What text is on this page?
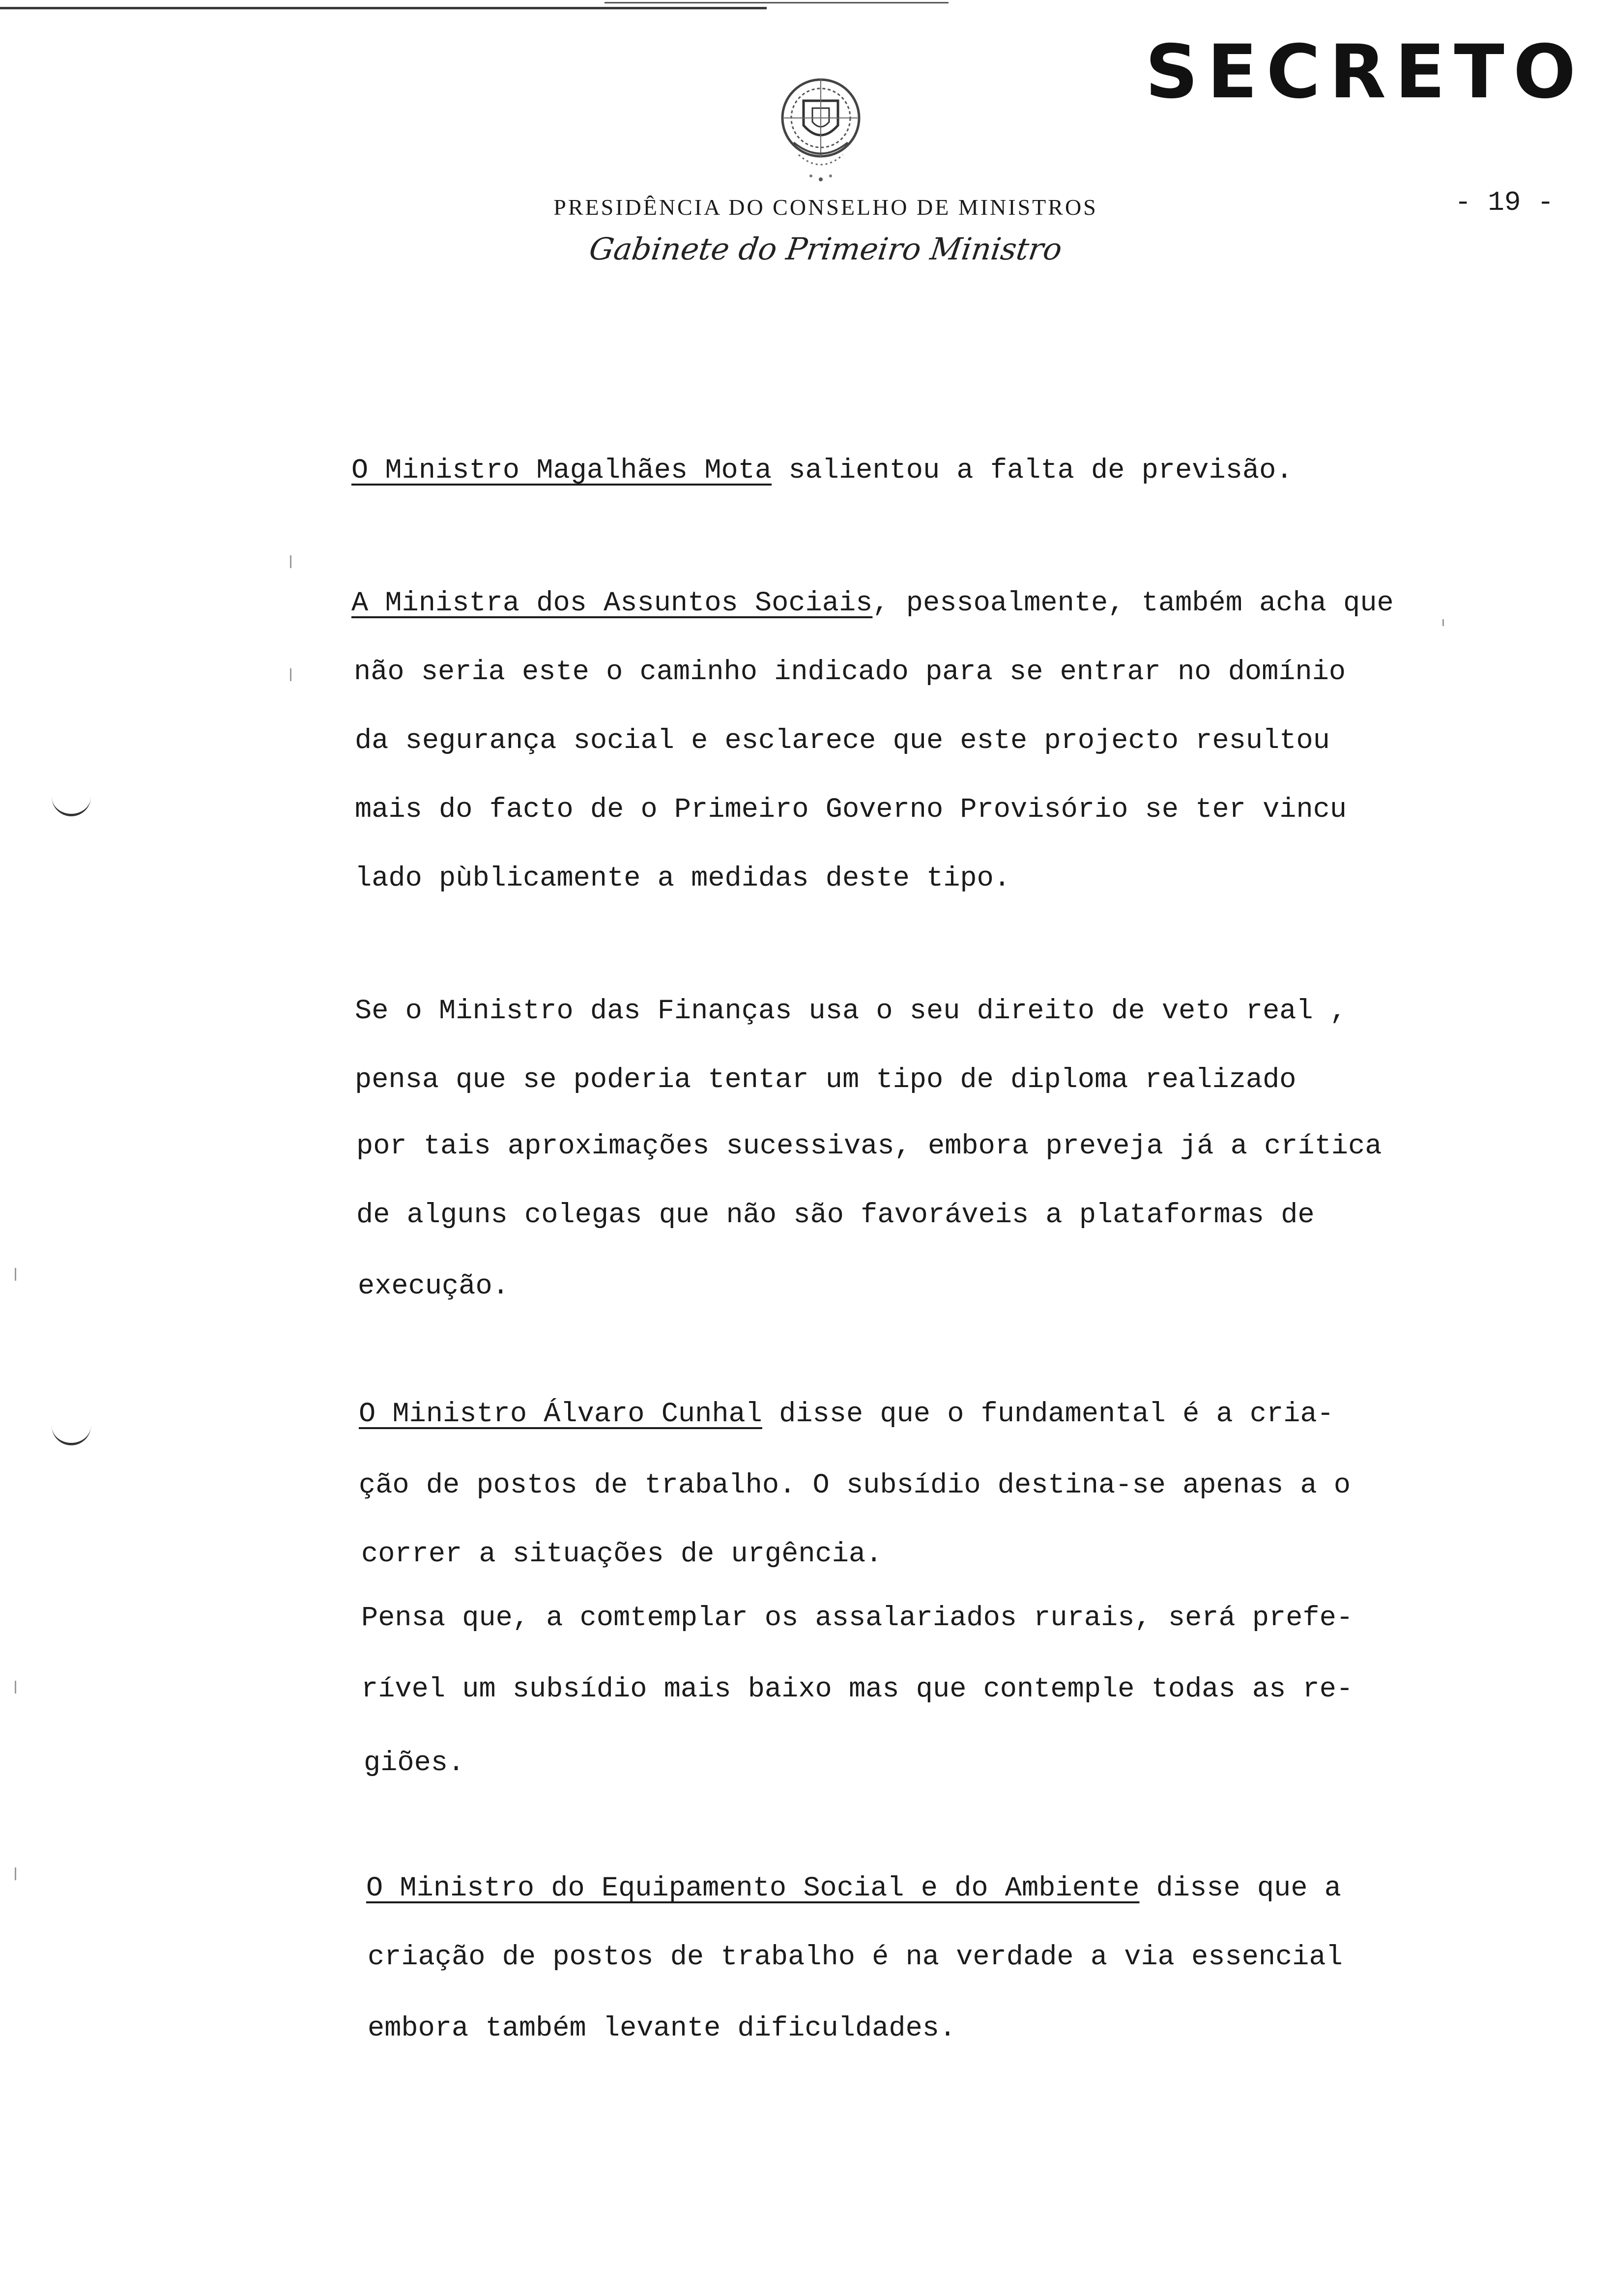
SECRETO
PRESIDÊNCIA DO CONSELHO DE MINISTROS
Gabinete do Primeiro Ministro
- 19 -
O Ministro Magalhães Mota salientou a falta de previsão.
A Ministra dos Assuntos Sociais, pessoalmente, também acha que
não seria este o caminho indicado para se entrar no domínio
da segurança social e esclarece que este projecto resultou
mais do facto de o Primeiro Governo Provisório se ter vincu
lado pùblicamente a medidas deste tipo.
Se o Ministro das Finanças usa o seu direito de veto real ,
pensa que se poderia tentar um tipo de diploma realizado
por tais aproximações sucessivas, embora preveja já a crítica
de alguns colegas que não são favoráveis a plataformas de
execução.
O Ministro Álvaro Cunhal disse que o fundamental é a cria-
ção de postos de trabalho. O subsídio destina-se apenas a o
correr a situações de urgência.
Pensa que, a comtemplar os assalariados rurais, será prefe-
rível um subsídio mais baixo mas que contemple todas as re-
giões.
O Ministro do Equipamento Social e do Ambiente disse que a
criação de postos de trabalho é na verdade a via essencial
embora também levante dificuldades.
